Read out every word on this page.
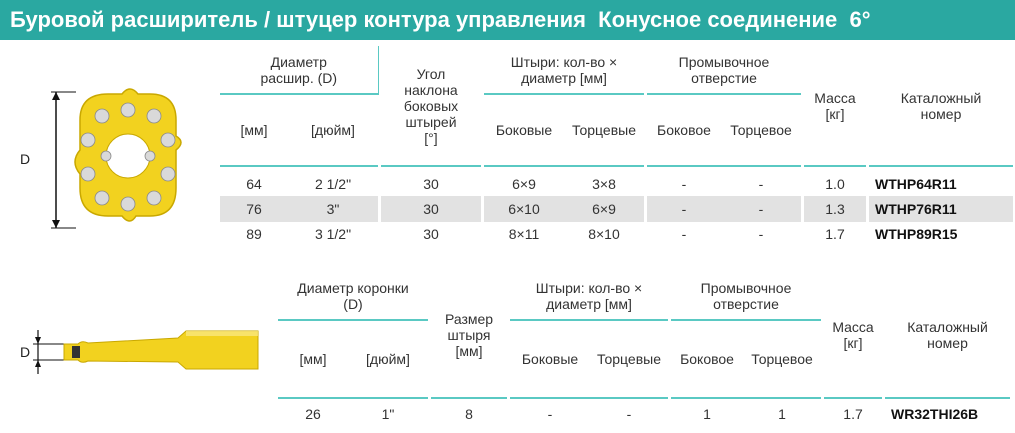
Буровой расширитель / штуцер контура управления  Конусное соединение  6°
D
Диаметр расшир. (D)			Угол наклона боковых штырей [°]		Штыри: кол-во × диаметр [мм]			Промывочное отверстие			Масса [кг]		Каталожный номер
[мм]	[дюйм]				Боковые	Торцевые		Боковое	Торцевое				

64	2 1/2"		30		6×9	3×8		-	-		1.0		WTHP64R11
76	3"		30		6×10	6×9		-	-		1.3		WTHP76R11
89	3 1/2"		30		8×11	8×10		-	-		1.7		WTHP89R15
D
Диаметр коронки (D)			Размер штыря [мм]		Штыри: кол-во × диаметр [мм]			Промывочное отверстие			Масса [кг]		Каталожный номер
[мм]	[дюйм]				Боковые	Торцевые		Боковое	Торцевое				

26	1"		8		-	-		1	1		1.7		WR32THI26B
